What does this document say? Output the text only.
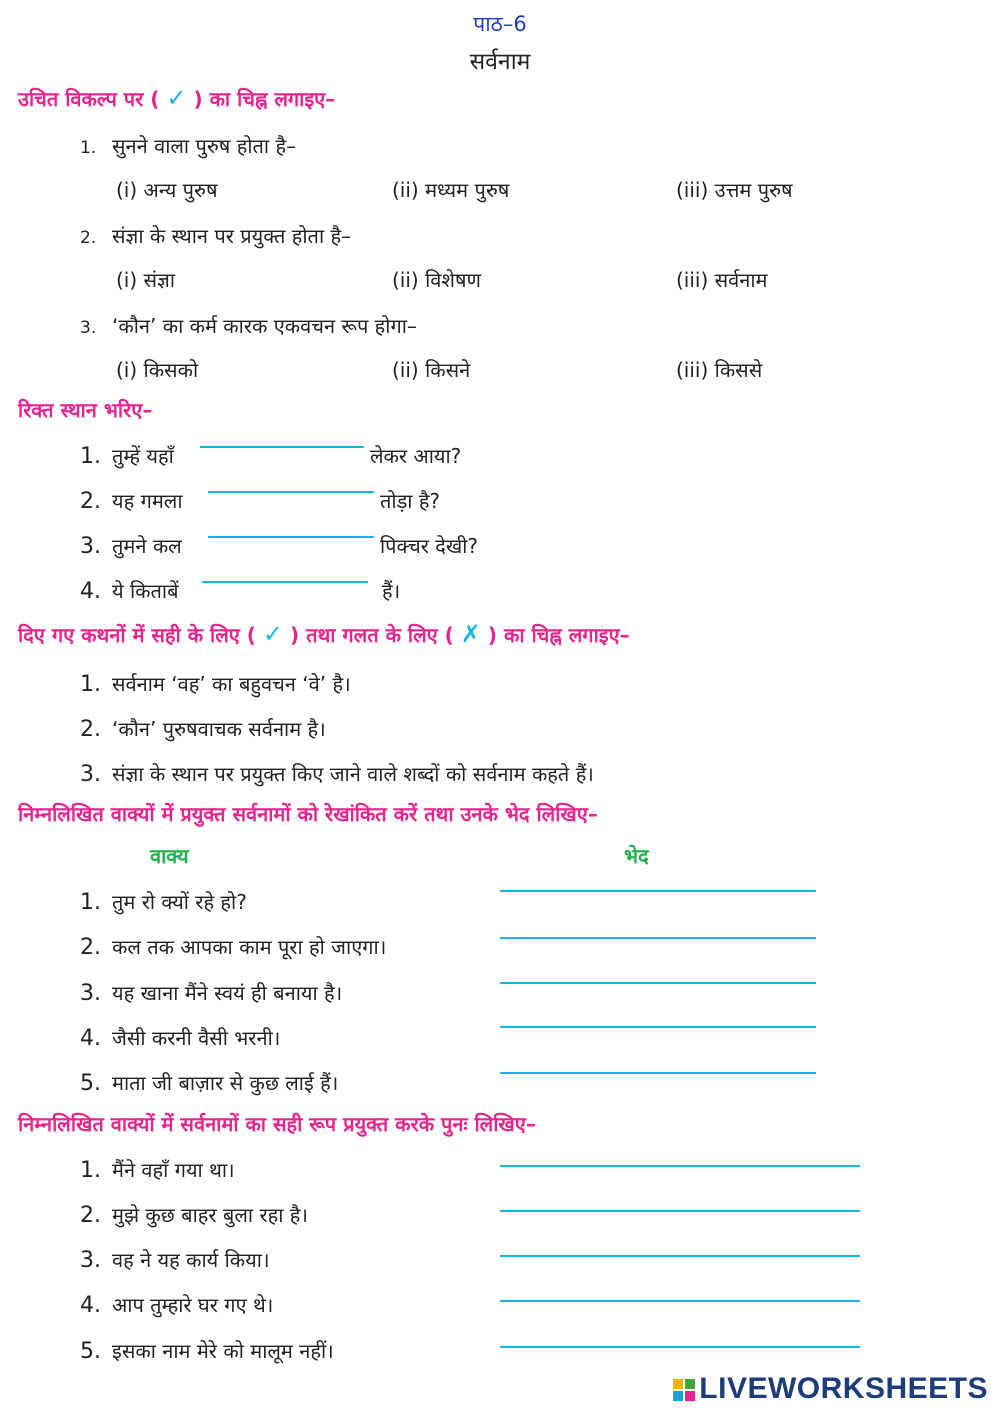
पाठ–6
सर्वनाम
उचित विकल्प पर ( ✓ ) का चिह्न लगाइए–
1. सुनने वाला पुरुष होता है–
(i) अन्य पुरुष	(ii) मध्यम पुरुष	(iii) उत्तम पुरुष
2. संज्ञा के स्थान पर प्रयुक्त होता है–
(i) संज्ञा	(ii) विशेषण	(iii) सर्वनाम
3. ‘कौन’ का कर्म कारक एकवचन रूप होगा–
(i) किसको	(ii) किसने	(iii) किससे
रिक्त स्थान भरिए–
1. तुम्हें यहाँ	लेकर आया?
2. यह गमला	तोड़ा है?
3. तुमने कल	पिक्चर देखी?
4. ये किताबें	हैं।
दिए गए कथनों में सही के लिए ( ✓ ) तथा गलत के लिए ( ✗ ) का चिह्न लगाइए–
1. सर्वनाम ‘वह’ का बहुवचन ‘वे’ है।
2. ‘कौन’ पुरुषवाचक सर्वनाम है।
3. संज्ञा के स्थान पर प्रयुक्त किए जाने वाले शब्दों को सर्वनाम कहते हैं।
निम्नलिखित वाक्यों में प्रयुक्त सर्वनामों को रेखांकित करें तथा उनके भेद लिखिए–
वाक्य	भेद
1. तुम रो क्यों रहे हो?
2. कल तक आपका काम पूरा हो जाएगा।
3. यह खाना मैंने स्वयं ही बनाया है।
4. जैसी करनी वैसी भरनी।
5. माता जी बाज़ार से कुछ लाई हैं।
निम्नलिखित वाक्यों में सर्वनामों का सही रूप प्रयुक्त करके पुनः लिखिए–
1. मैंने वहाँ गया था।
2. मुझे कुछ बाहर बुला रहा है।
3. वह ने यह कार्य किया।
4. आप तुम्हारे घर गए थे।
5. इसका नाम मेरे को मालूम नहीं।
LIVEWORKSHEETS
